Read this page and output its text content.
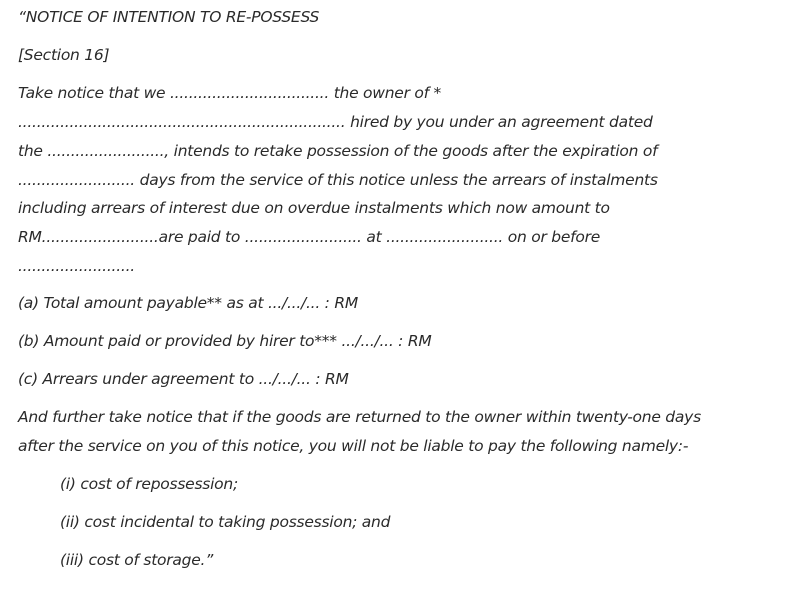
“NOTICE OF INTENTION TO RE-POSSESS
[Section 16]
Take notice that we .................................. the owner of *
...................................................................... hired by you under an agreement dated
the ........................., intends to retake possession of the goods after the expiration of
......................... days from the service of this notice unless the arrears of instalments
including arrears of interest due on overdue instalments which now amount to
RM.........................are paid to ......................... at ......................... on or before
.........................
(a) Total amount payable** as at .../.../... : RM
(b) Amount paid or provided by hirer to*** .../.../... : RM
(c) Arrears under agreement to .../.../... : RM
And further take notice that if the goods are returned to the owner within twenty-one days
after the service on you of this notice, you will not be liable to pay the following namely:-
(i) cost of repossession;
(ii) cost incidental to taking possession; and
(iii) cost of storage.”
